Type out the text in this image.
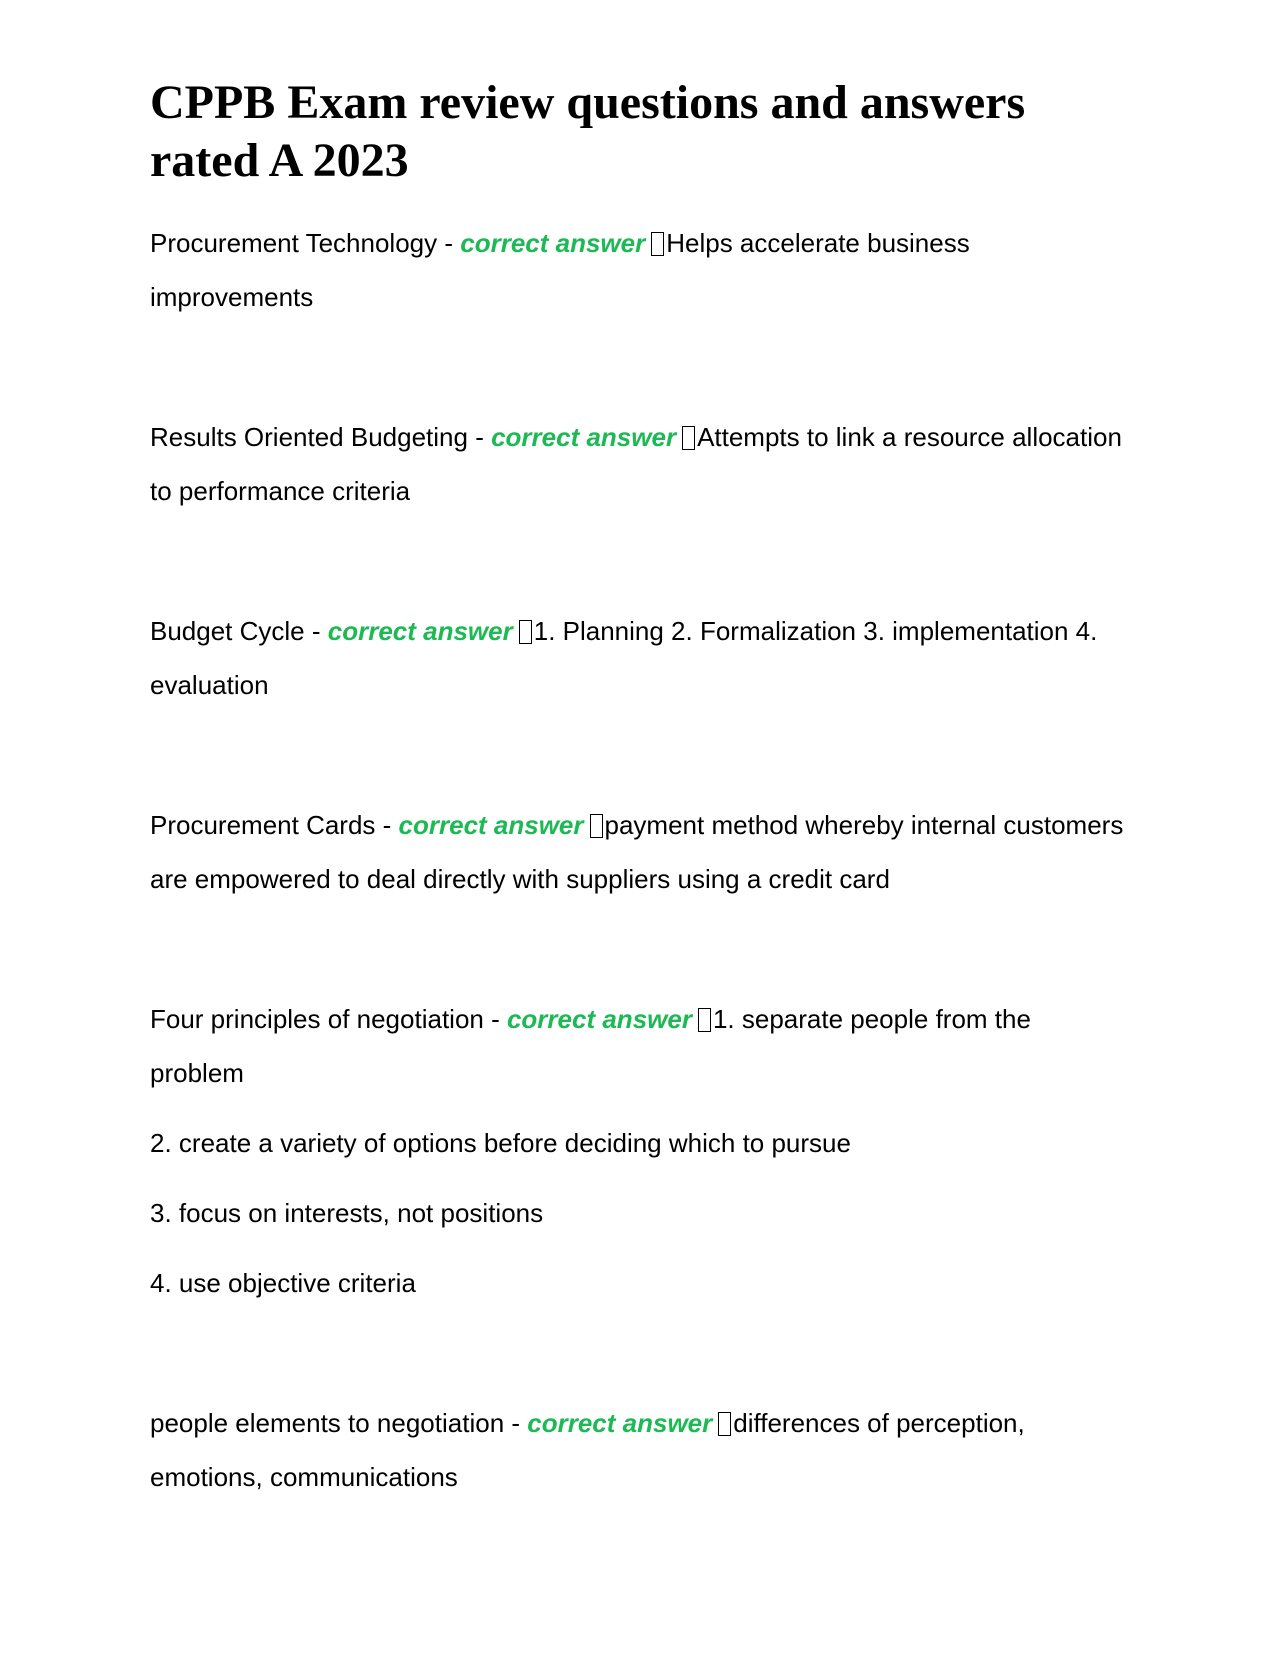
CPPB Exam review questions and answers rated A 2023

Procurement Technology - correct answer Helps accelerate business improvements

Results Oriented Budgeting - correct answer Attempts to link a resource allocation to performance criteria

Budget Cycle - correct answer 1. Planning 2. Formalization 3. implementation 4. evaluation

Procurement Cards - correct answer payment method whereby internal customers are empowered to deal directly with suppliers using a credit card

Four principles of negotiation - correct answer 1. separate people from the problem

2. create a variety of options before deciding which to pursue
3. focus on interests, not positions
4. use objective criteria

people elements to negotiation - correct answer differences of perception, emotions, communications
